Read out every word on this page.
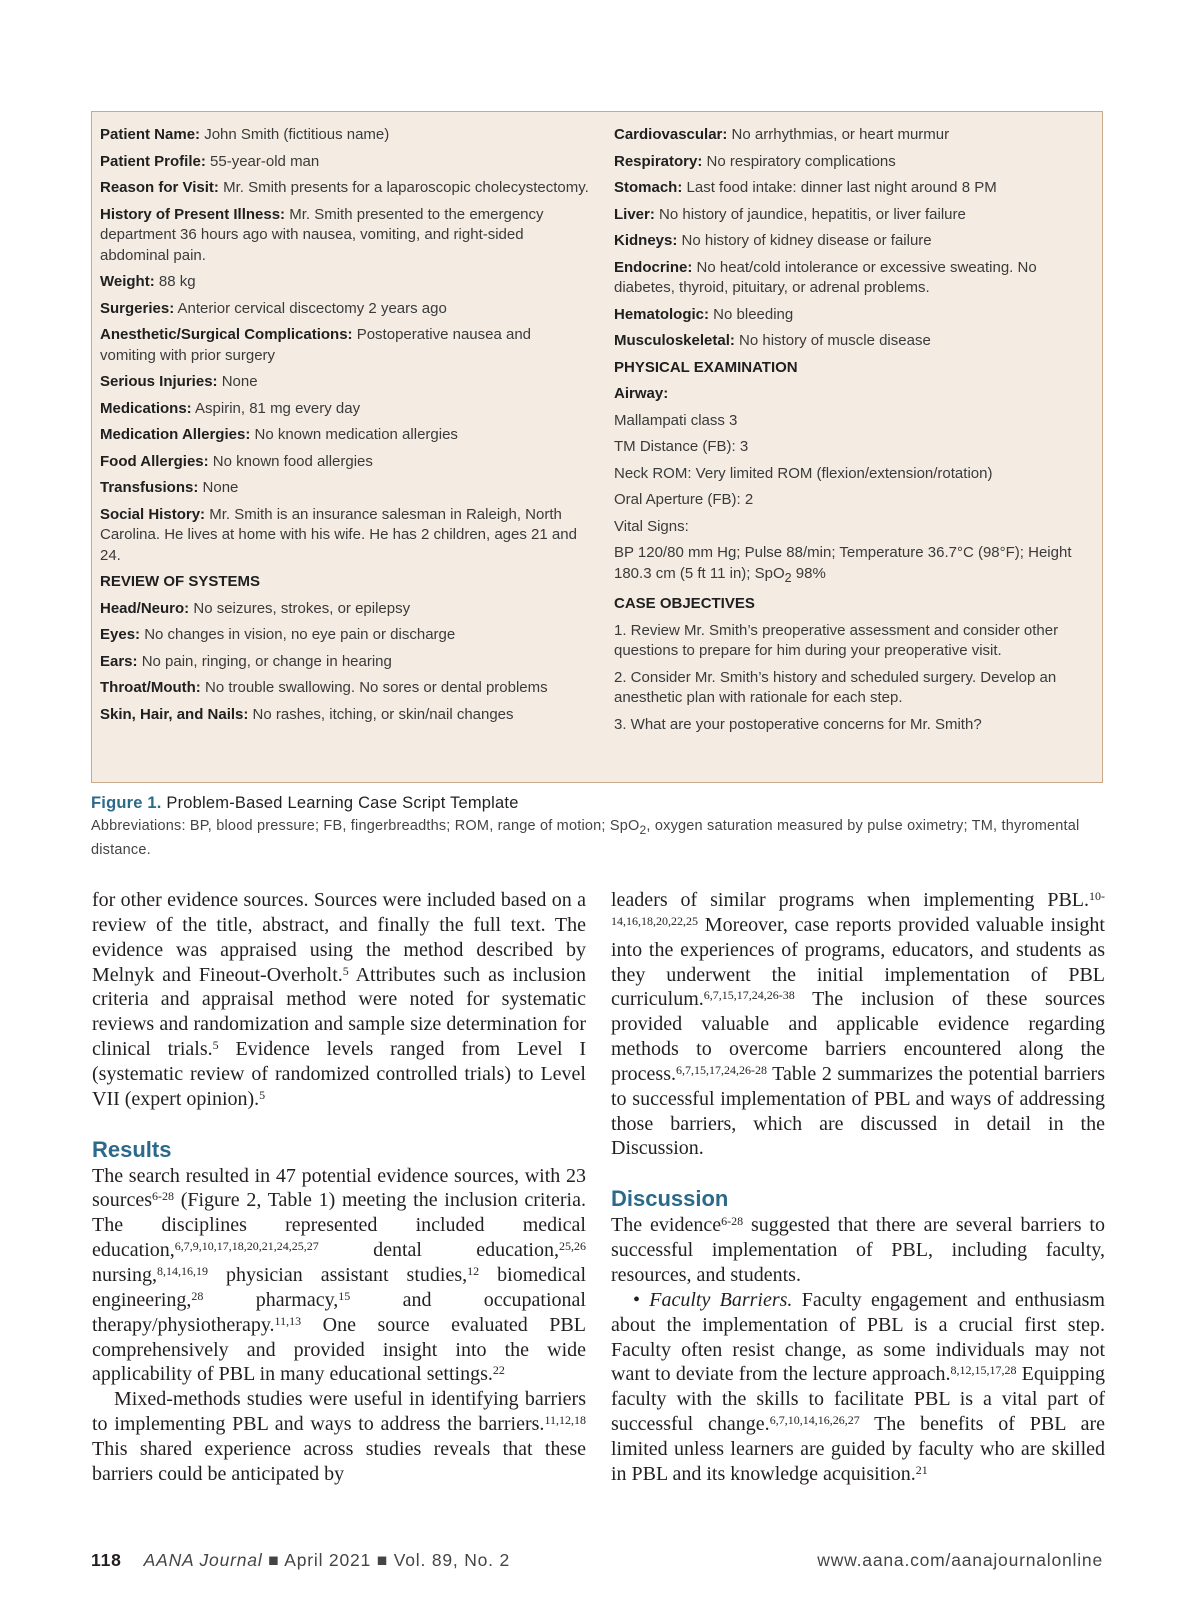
Patient Name: John Smith (fictitious name)
Patient Profile: 55-year-old man
Reason for Visit: Mr. Smith presents for a laparoscopic cholecystectomy.
History of Present Illness: Mr. Smith presented to the emergency department 36 hours ago with nausea, vomiting, and right-sided abdominal pain.
Weight: 88 kg
Surgeries: Anterior cervical discectomy 2 years ago
Anesthetic/Surgical Complications: Postoperative nausea and vomiting with prior surgery
Serious Injuries: None
Medications: Aspirin, 81 mg every day
Medication Allergies: No known medication allergies
Food Allergies: No known food allergies
Transfusions: None
Social History: Mr. Smith is an insurance salesman in Raleigh, North Carolina. He lives at home with his wife. He has 2 children, ages 21 and 24.
REVIEW OF SYSTEMS
Head/Neuro: No seizures, strokes, or epilepsy
Eyes: No changes in vision, no eye pain or discharge
Ears: No pain, ringing, or change in hearing
Throat/Mouth: No trouble swallowing. No sores or dental problems
Skin, Hair, and Nails: No rashes, itching, or skin/nail changes
Cardiovascular: No arrhythmias, or heart murmur
Respiratory: No respiratory complications
Stomach: Last food intake: dinner last night around 8 PM
Liver: No history of jaundice, hepatitis, or liver failure
Kidneys: No history of kidney disease or failure
Endocrine: No heat/cold intolerance or excessive sweating. No diabetes, thyroid, pituitary, or adrenal problems.
Hematologic: No bleeding
Musculoskeletal: No history of muscle disease
PHYSICAL EXAMINATION
Airway:
Mallampati class 3
TM Distance (FB): 3
Neck ROM: Very limited ROM (flexion/extension/rotation)
Oral Aperture (FB): 2
Vital Signs:
BP 120/80 mm Hg; Pulse 88/min; Temperature 36.7°C (98°F); Height 180.3 cm (5 ft 11 in); SpO$_2$ 98%
CASE OBJECTIVES
1. Review Mr. Smith’s preoperative assessment and consider other questions to prepare for him during your preoperative visit.
2. Consider Mr. Smith’s history and scheduled surgery. Develop an anesthetic plan with rationale for each step.
3. What are your postoperative concerns for Mr. Smith?
Figure 1. Problem-Based Learning Case Script Template
Abbreviations: BP, blood pressure; FB, fingerbreadths; ROM, range of motion; SpO$_2$, oxygen saturation measured by pulse oximetry; TM, thyromental distance.

for other evidence sources. Sources were included based on a review of the title, abstract, and finally the full text. The evidence was appraised using the method described by Melnyk and Fineout-Overholt.$^5$ Attributes such as inclusion criteria and appraisal method were noted for systematic reviews and randomization and sample size determination for clinical trials.$^5$ Evidence levels ranged from Level I (systematic review of randomized controlled trials) to Level VII (expert opinion).$^5$

Results

The search resulted in 47 potential evidence sources, with 23 sources$^{6-28}$ (Figure 2, Table 1) meeting the inclusion criteria. The disciplines represented included medical education,$^{6,7,9,10,17,18,20,21,24,25,27}$ dental education,$^{25,26}$ nursing,$^{8,14,16,19}$ physician assistant studies,$^{12}$ biomedical engineering,$^{28}$ pharmacy,$^{15}$ and occupational therapy/physiotherapy.$^{11,13}$ One source evaluated PBL comprehensively and provided insight into the wide applicability of PBL in many educational settings.$^{22}$

Mixed-methods studies were useful in identifying barriers to implementing PBL and ways to address the barriers.$^{11,12,18}$ This shared experience across studies reveals that these barriers could be anticipated by

leaders of similar programs when implementing PBL.$^{10-14,16,18,20,22,25}$ Moreover, case reports provided valuable insight into the experiences of programs, educators, and students as they underwent the initial implementation of PBL curriculum.$^{6,7,15,17,24,26-38}$ The inclusion of these sources provided valuable and applicable evidence regarding methods to overcome barriers encountered along the process.$^{6,7,15,17,24,26-28}$ Table 2 summarizes the potential barriers to successful implementation of PBL and ways of addressing those barriers, which are discussed in detail in the Discussion.

Discussion

The evidence$^{6-28}$ suggested that there are several barriers to successful implementation of PBL, including faculty, resources, and students.

• Faculty Barriers. Faculty engagement and enthusiasm about the implementation of PBL is a crucial first step. Faculty often resist change, as some individuals may not want to deviate from the lecture approach.$^{8,12,15,17,28}$ Equipping faculty with the skills to facilitate PBL is a vital part of successful change.$^{6,7,10,14,16,26,27}$ The benefits of PBL are limited unless learners are guided by faculty who are skilled in PBL and its knowledge acquisition.$^{21}$

118 AANA Journal ■ April 2021 ■ Vol. 89, No. 2	www.aana.com/aanajournalonline
